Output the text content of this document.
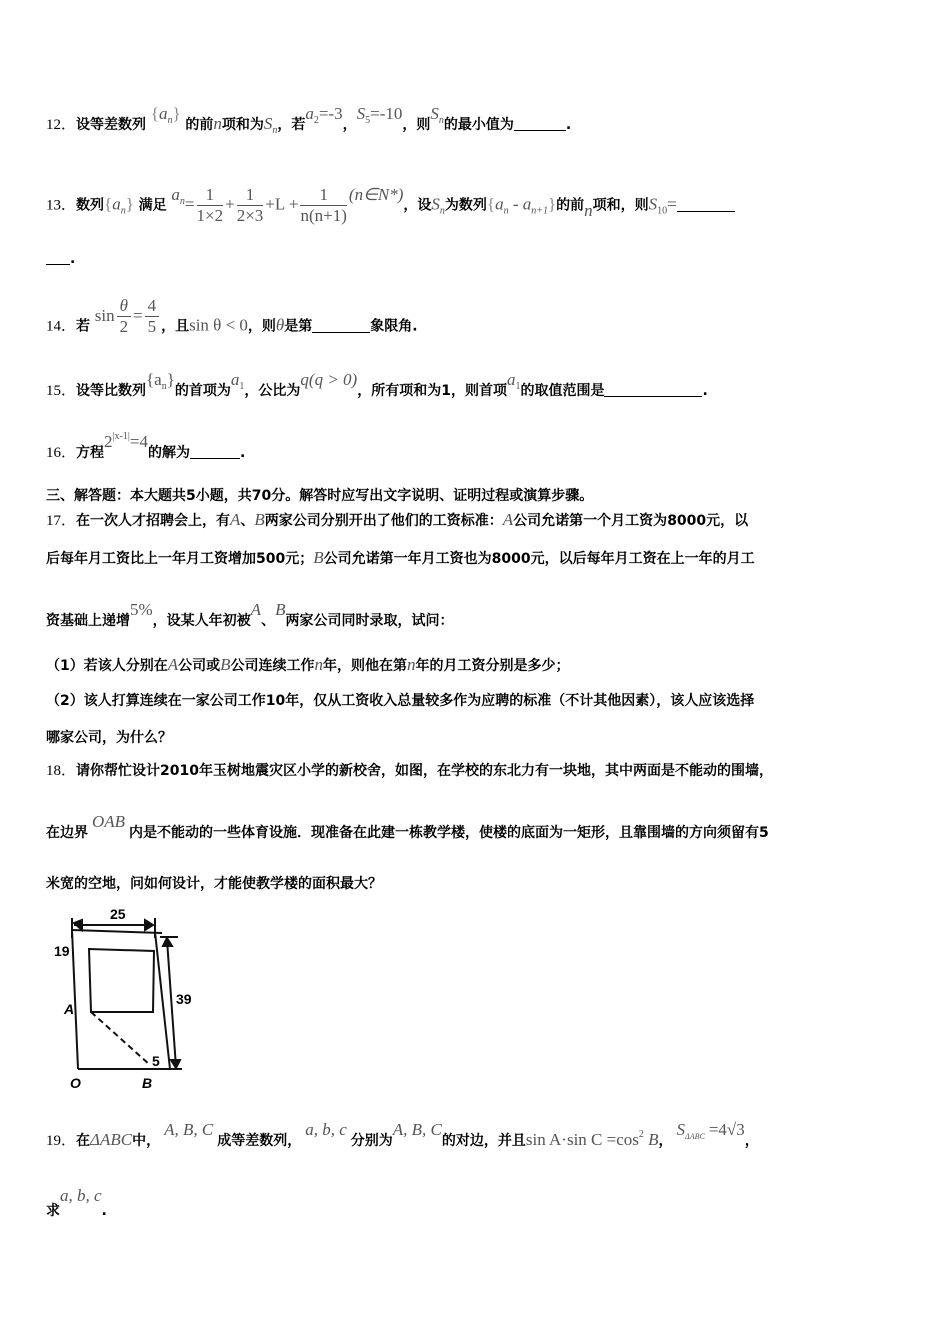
12．设等差数列 $\{a_n\}$ 的前n项和为$S_n$，若$a_2=-3$，$S_5=-10$，则$S_n$的最小值为	.
13．数列$\{a_n\}$ 满足 $a_n= \frac{1}{1\times 2} + \frac{1}{2\times 3} +L + \frac{1}{n(n+1)}$ (n∈N*)，设$S_n$为数列$\{a_n - a_{n+1}\}$的前n项和，则$S_{10}=$
.
14．若 $\sin \frac{\theta}{2} = \frac{4}{5}$ ，且sin θ < 0，则θ是第	象限角.
15．设等比数列$\{a_n\}$的首项为$a_1$，公比为q(q > 0)，所有项和为1，则首项$a_1$的取值范围是	.
16．方程$2^{|x-1|}=4$的解为	.
三、解答题：本大题共5小题，共70分。解答时应写出文字说明、证明过程或演算步骤。
17．在一次人才招聘会上，有A、B两家公司分别开出了他们的工资标准：A公司允诺第一个月工资为8000元，以
后每年月工资比上一年月工资增加500元；B公司允诺第一年月工资也为8000元，以后每年月工资在上一年的月工
资基础上递增5%，设某人年初被A、B两家公司同时录取，试问：
（1）若该人分别在A公司或B公司连续工作n年，则他在第n年的月工资分别是多少；
（2）该人打算连续在一家公司工作10年，仅从工资收入总量较多作为应聘的标准（不计其他因素），该人应该选择
哪家公司，为什么？
18．请你帮忙设计2010年玉树地震灾区小学的新校舍，如图，在学校的东北力有一块地，其中两面是不能动的围墙，
在边界OAB内是不能动的一些体育设施．现准备在此建一栋教学楼，使楼的底面为一矩形，且靠围墙的方向须留有5
米宽的空地，问如何设计，才能使教学楼的面积最大？
19
25
39
5
A
O	B
19．在ΔABC中，A, B, C成等差数列，a, b, c分别为A, B, C的对边，并且sin A·sin $C =\cos^2$ B，$S_{\Delta ABC} =4√3$，
求a, b, c.
